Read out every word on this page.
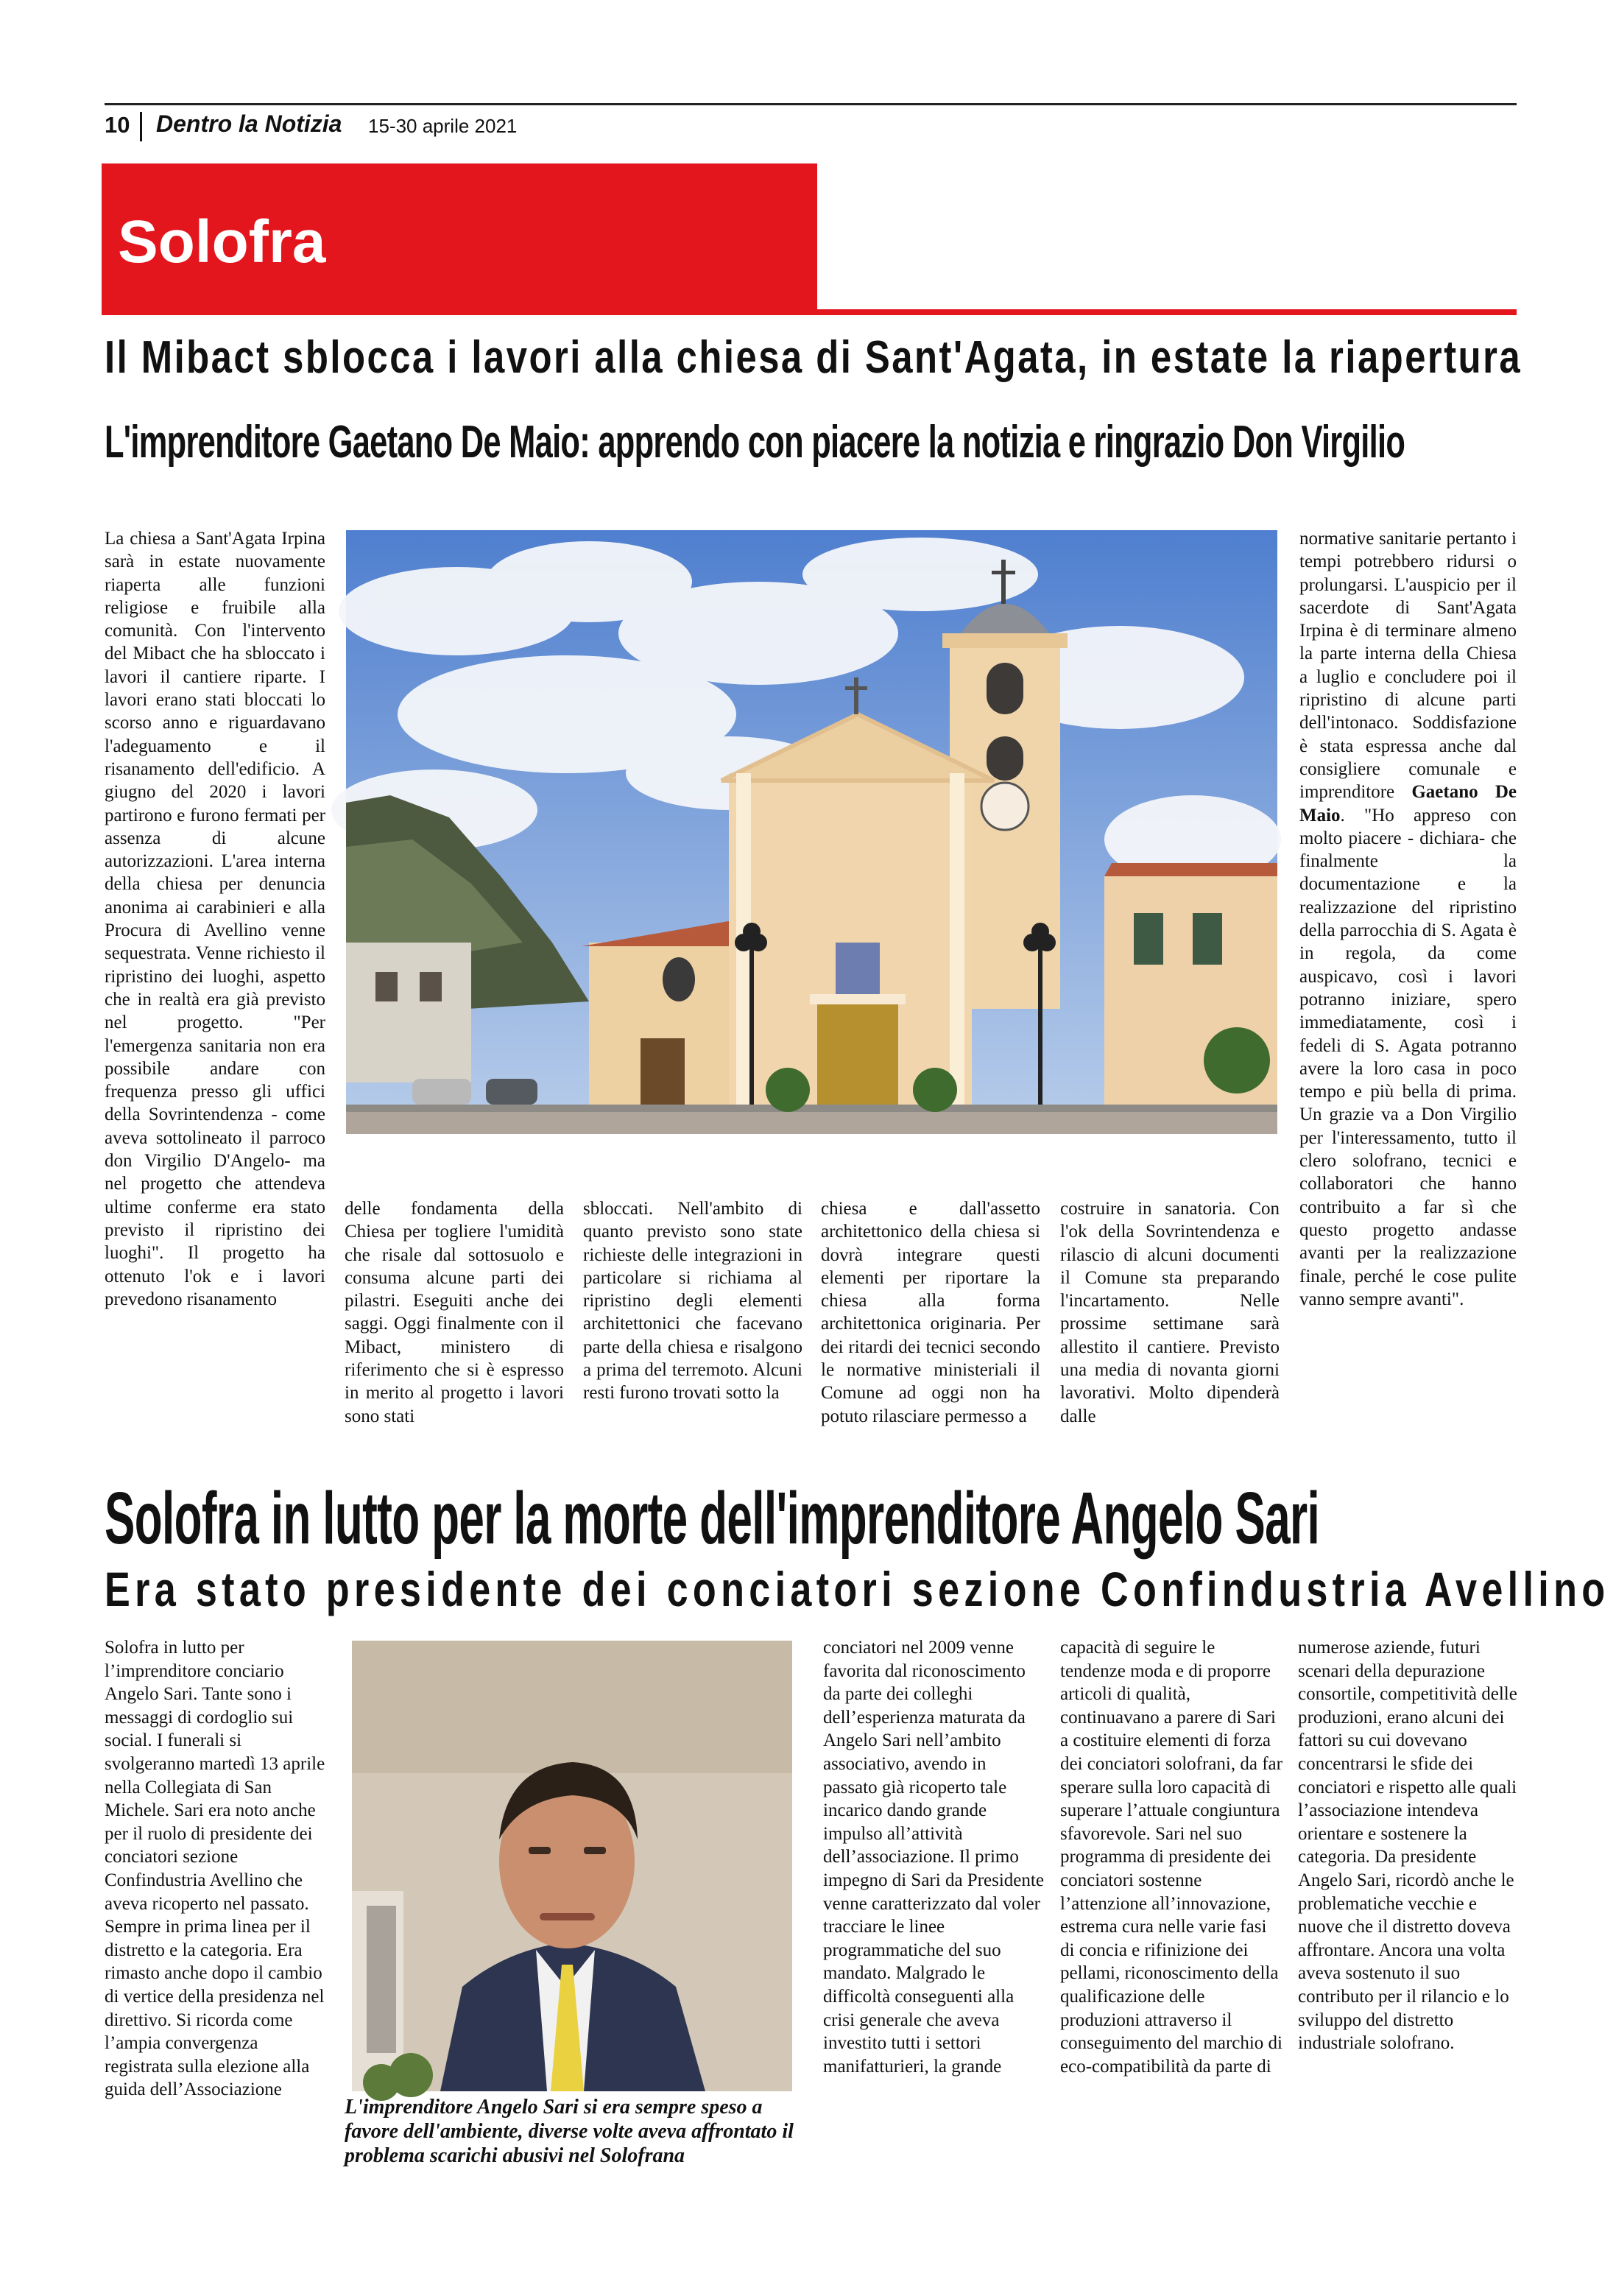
10 Dentro la Notizia 15-30 aprile 2021
Solofra
Il Mibact sblocca i lavori alla chiesa di Sant'Agata, in estate la riapertura
L'imprenditore Gaetano De Maio: apprendo con piacere la notizia e ringrazio Don Virgilio
La chiesa a Sant'Agata Irpina sarà in estate nuovamente riaperta alle funzioni religiose e fruibile alla comunità. Con l'intervento del Mibact che ha sbloccato i lavori il cantiere riparte. I lavori erano stati bloccati lo scorso anno e riguardavano l'adeguamento e il risanamento dell'edificio. A giugno del 2020 i lavori partirono e furono fermati per assenza di alcune autorizzazioni. L'area interna della chiesa per denuncia anonima ai carabinieri e alla Procura di Avellino venne sequestrata. Venne richiesto il ripristino dei luoghi, aspetto che in realtà era già previsto nel progetto. "Per l'emergenza sanitaria non era possibile andare con frequenza presso gli uffici della Sovrintendenza - come aveva sottolineato il parroco don Virgilio D'Angelo- ma nel progetto che attendeva ultime conferme era stato previsto il ripristino dei luoghi". Il progetto ha ottenuto l'ok e i lavori prevedono risanamento
normative sanitarie pertanto i tempi potrebbero ridursi o prolungarsi. L'auspicio per il sacerdote di Sant'Agata Irpina è di terminare almeno la parte interna della Chiesa a luglio e concludere poi il ripristino di alcune parti dell'intonaco. Soddisfazione è stata espressa anche dal consigliere comunale e imprenditore Gaetano De Maio. "Ho appreso con molto piacere - dichiara- che finalmente la documentazione e la realizzazione del ripristino della parrocchia di S. Agata è in regola, da come auspicavo, così i lavori potranno iniziare, spero immediatamente, così i fedeli di S. Agata potranno avere la loro casa in poco tempo e più bella di prima. Un grazie va a Don Virgilio per l'interessamento, tutto il clero solofrano, tecnici e collaboratori che hanno contribuito a far sì che questo progetto andasse avanti per la realizzazione finale, perché le cose pulite vanno sempre avanti".
delle fondamenta della Chiesa per togliere l'umidità che risale dal sottosuolo e consuma alcune parti dei pilastri. Eseguiti anche dei saggi. Oggi finalmente con il Mibact, ministero di riferimento che si è espresso in merito al progetto i lavori sono stati
sbloccati. Nell'ambito di quanto previsto sono state richieste delle integrazioni in particolare si richiama al ripristino degli elementi architettonici che facevano parte della chiesa e risalgono a prima del terremoto. Alcuni resti furono trovati sotto la
chiesa e dall'assetto architettonico della chiesa si dovrà integrare questi elementi per riportare la chiesa alla forma architettonica originaria. Per dei ritardi dei tecnici secondo le normative ministeriali il Comune ad oggi non ha potuto rilasciare permesso a
costruire in sanatoria. Con l'ok della Sovrintendenza e rilascio di alcuni documenti il Comune sta preparando l'incartamento. Nelle prossime settimane sarà allestito il cantiere. Previsto una media di novanta giorni lavorativi. Molto dipenderà dalle
Solofra in lutto per la morte dell'imprenditore Angelo Sari
Era stato presidente dei conciatori sezione Confindustria Avellino
Solofra in lutto per l’imprenditore conciario Angelo Sari. Tante sono i messaggi di cordoglio sui social. I funerali si svolgeranno martedì 13 aprile nella Collegiata di San Michele. Sari era noto anche per il ruolo di presidente dei conciatori sezione Confindustria Avellino che aveva ricoperto nel passato. Sempre in prima linea per il distretto e la categoria. Era rimasto anche dopo il cambio di vertice della presidenza nel direttivo. Si ricorda come l’ampia convergenza registrata sulla elezione alla guida dell’Associazione
L'imprenditore Angelo Sari si era sempre speso a favore dell'ambiente, diverse volte aveva affrontato il problema scarichi abusivi nel Solofrana
conciatori nel 2009 venne favorita dal riconoscimento da parte dei colleghi dell’esperienza maturata da Angelo Sari nell’ambito associativo, avendo in passato già ricoperto tale incarico dando grande impulso all’attività dell’associazione. Il primo impegno di Sari da Presidente venne caratterizzato dal voler tracciare le linee programmatiche del suo mandato. Malgrado le difficoltà conseguenti alla crisi generale che aveva investito tutti i settori manifatturieri, la grande
capacità di seguire le tendenze moda e di proporre articoli di qualità, continuavano a parere di Sari a costituire elementi di forza dei conciatori solofrani, da far sperare sulla loro capacità di superare l’attuale congiuntura sfavorevole. Sari nel suo programma di presidente dei conciatori sostenne l’attenzione all’innovazione, estrema cura nelle varie fasi di concia e rifinizione dei pellami, riconoscimento della qualificazione delle produzioni attraverso il conseguimento del marchio di eco-compatibilità da parte di
numerose aziende, futuri scenari della depurazione consortile, competitività delle produzioni, erano alcuni dei fattori su cui dovevano concentrarsi le sfide dei conciatori e rispetto alle quali l’associazione intendeva orientare e sostenere la categoria. Da presidente Angelo Sari, ricordò anche le problematiche vecchie e nuove che il distretto doveva affrontare. Ancora una volta aveva sostenuto il suo contributo per il rilancio e lo sviluppo del distretto industriale solofrano.
